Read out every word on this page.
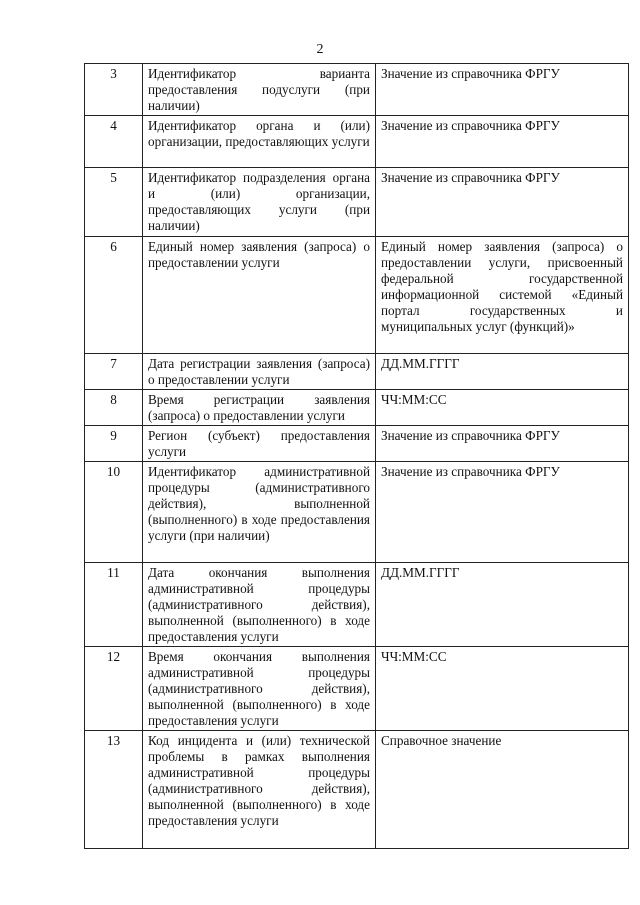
2
3	Идентификатор варианта предоставления подуслуги (при наличии)	Значение из справочника ФРГУ
4	Идентификатор органа и (или) организации, предоставляющих услуги	Значение из справочника ФРГУ
5	Идентификатор подразделения органа и (или) организации, предоставляющих услуги (при наличии)	Значение из справочника ФРГУ
6	Единый номер заявления (запроса) о предоставлении услуги	Единый номер заявления (запроса) о предоставлении услуги, присвоенный федеральной государственной информационной системой «Единый портал государственных и муниципальных услуг (функций)»
7	Дата регистрации заявления (запроса) о предоставлении услуги	ДД.ММ.ГГГГ
8	Время регистрации заявления (запроса) о предоставлении услуги	ЧЧ:ММ:СС
9	Регион (субъект) предоставления услуги	Значение из справочника ФРГУ
10	Идентификатор административной процедуры (административного действия), выполненной (выполненного) в ходе предоставления услуги (при наличии)	Значение из справочника ФРГУ
11	Дата окончания выполнения административной процедуры (административного действия), выполненной (выполненного) в ходе предоставления услуги	ДД.ММ.ГГГГ
12	Время окончания выполнения административной процедуры (административного действия), выполненной (выполненного) в ходе предоставления услуги	ЧЧ:ММ:СС
13	Код инцидента и (или) технической проблемы в рамках выполнения административной процедуры (административного действия), выполненной (выполненного) в ходе предоставления услуги	Справочное значение
